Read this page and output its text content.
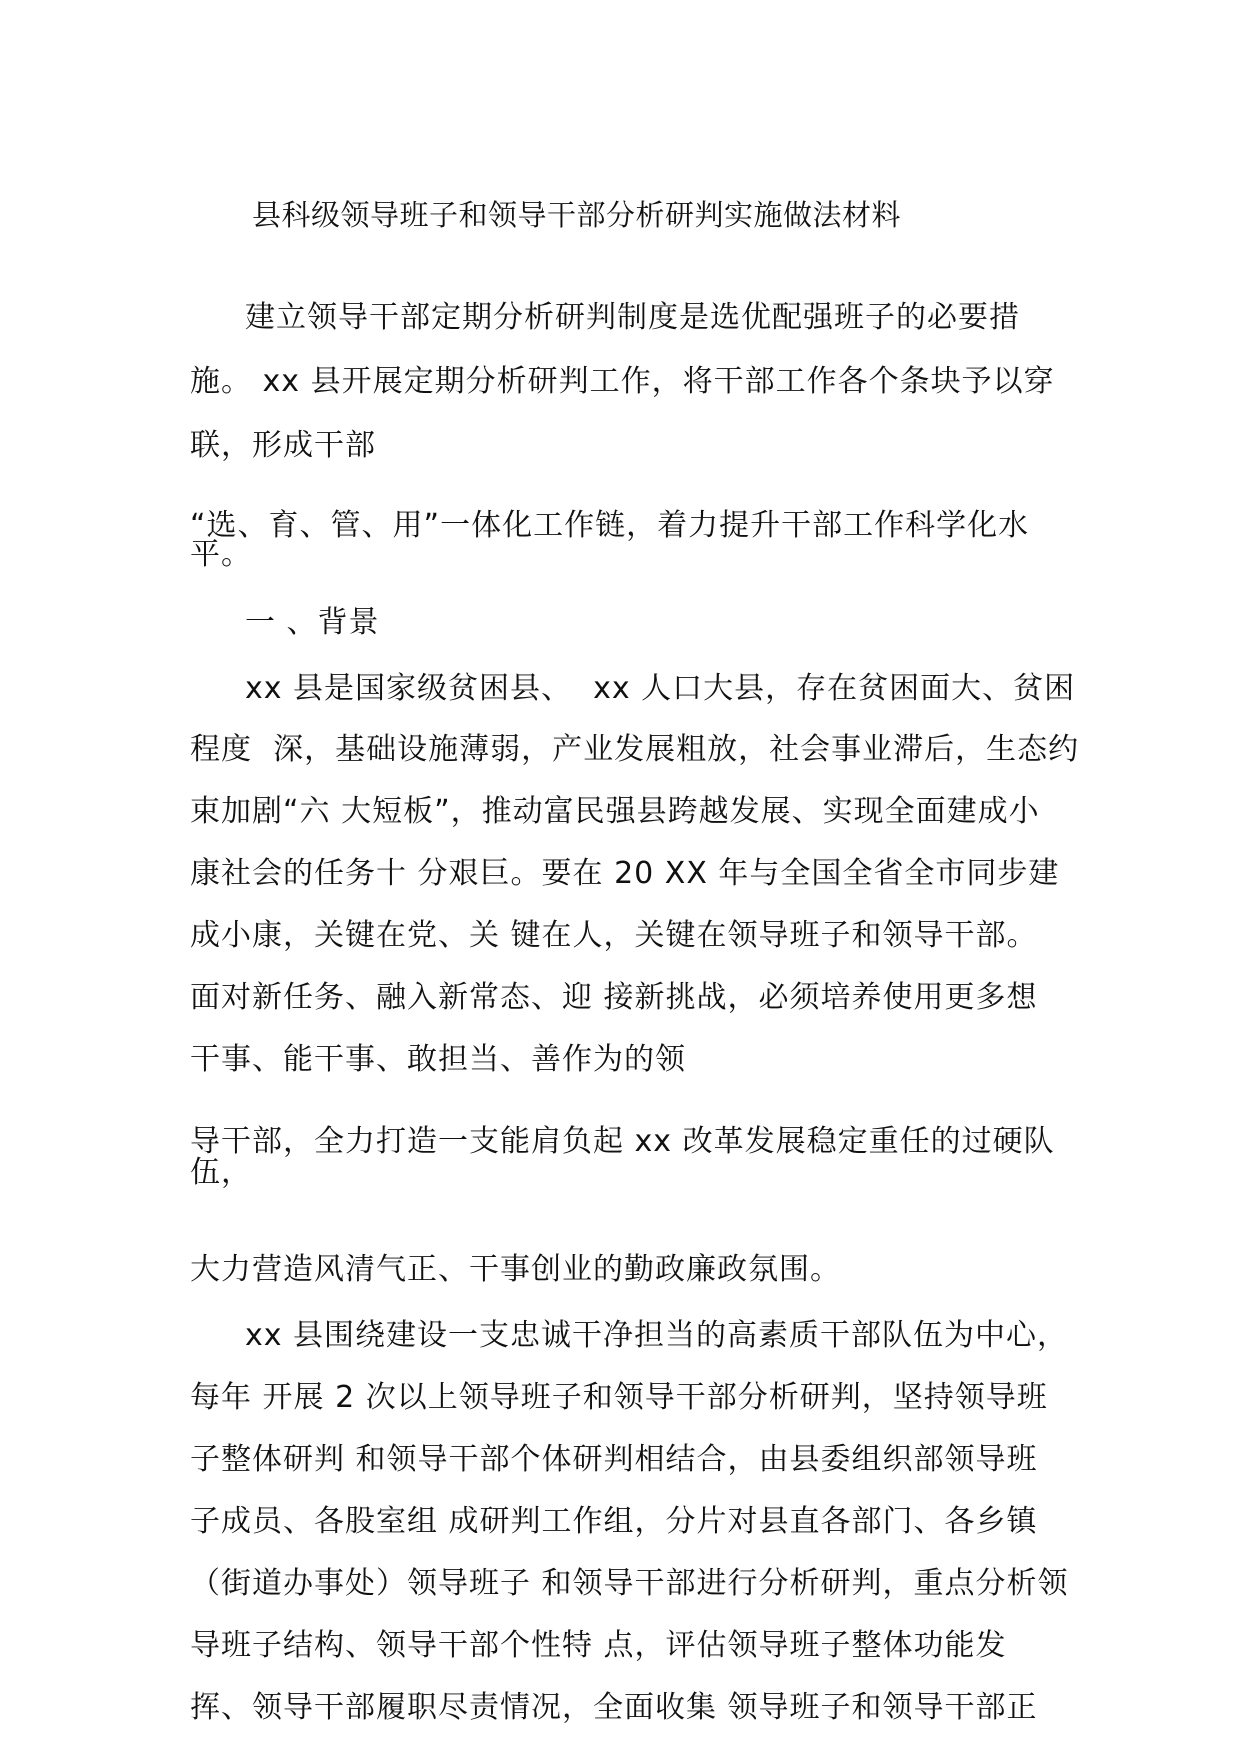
县科级领导班子和领导干部分析研判实施做法材料
建立领导干部定期分析研判制度是选优配强班子的必要措
施。 xx 县开展定期分析研判工作，将干部工作各个条块予以穿
联，形成干部
“选、育、管、用”一体化工作链，着力提升干部工作科学化水
平。
一 、背景
xx 县是国家级贫困县、  xx 人口大县，存在贫困面大、贫困
程度  深，基础设施薄弱，产业发展粗放，社会事业滞后，生态约
束加剧“六 大短板”，推动富民强县跨越发展、实现全面建成小
康社会的任务十 分艰巨。要在 20 XX 年与全国全省全市同步建
成小康，关键在党、关 键在人，关键在领导班子和领导干部。
面对新任务、融入新常态、迎 接新挑战，必须培养使用更多想
干事、能干事、敢担当、善作为的领
导干部，全力打造一支能肩负起 xx 改革发展稳定重任的过硬队
伍，
大力营造风清气正、干事创业的勤政廉政氛围。
xx 县围绕建设一支忠诚干净担当的高素质干部队伍为中心，
每年 开展 2 次以上领导班子和领导干部分析研判，坚持领导班
子整体研判 和领导干部个体研判相结合，由县委组织部领导班
子成员、各股室组 成研判工作组，分片对县直各部门、各乡镇
（街道办事处）领导班子 和领导干部进行分析研判，重点分析领
导班子结构、领导干部个性特 点，评估领导班子整体功能发
挥、领导干部履职尽责情况，全面收集 领导班子和领导干部正
